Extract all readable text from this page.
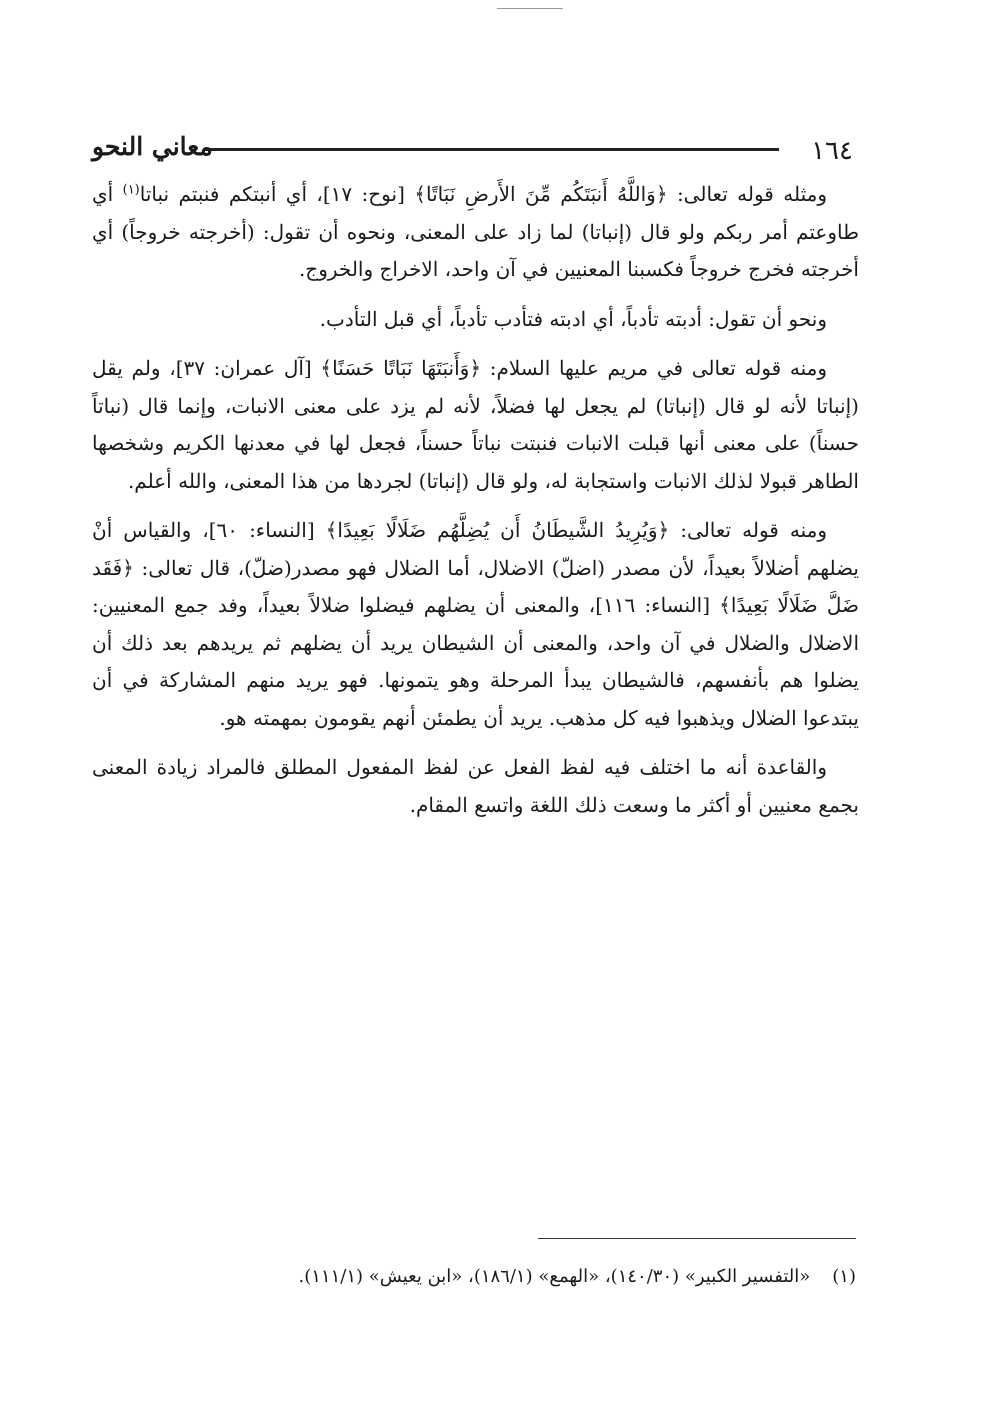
١٦٤
معاني النحو

ومثله قوله تعالى: ﴿وَاللَّهُ أَنبَتَكُم مِّنَ الأَرضِ نَبَاتًا﴾ [نوح: ١٧]، أي أنبتكم فنبتم نباتا$^{(١)}$ أي طاوعتم أمر ربكم ولو قال (إنباتا) لما زاد على المعنى، ونحوه أن تقول: (أخرجته خروجاً) أي أخرجته فخرج خروجاً فكسبنا المعنيين في آن واحد، الاخراج والخروج.

ونحو أن تقول: أدبته تأدباً، أي ادبته فتأدب تأدباً، أي قبل التأدب.

ومنه قوله تعالى في مريم عليها السلام: ﴿وَأَنبَتَهَا نَبَاتًا حَسَنًا﴾ [آل عمران: ٣٧]، ولم يقل (إنباتا لأنه لو قال (إنباتا) لم يجعل لها فضلاً، لأنه لم يزد على معنى الانبات، وإنما قال (نباتاً حسناً) على معنى أنها قبلت الانبات فنبتت نباتاً حسناً، فجعل لها في معدنها الكريم وشخصها الطاهر قبولا لذلك الانبات واستجابة له، ولو قال (إنباتا) لجردها من هذا المعنى، والله أعلم.

ومنه قوله تعالى: ﴿وَيُرِيدُ الشَّيطَانُ أَن يُضِلَّهُم ضَلَالًا بَعِيدًا﴾ [النساء: ٦٠]، والقياس أنْ يضلهم أضلالاً بعيداً، لأن مصدر (اضلّ) الاضلال، أما الضلال فهو مصدر(ضلّ)، قال تعالى: ﴿فَقَد ضَلَّ ضَلَالًا بَعِيدًا﴾ [النساء: ١١٦]، والمعنى أن يضلهم فيضلوا ضلالاً بعيداً، وفد جمع المعنيين: الاضلال والضلال في آن واحد، والمعنى أن الشيطان يريد أن يضلهم ثم يريدهم بعد ذلك أن يضلوا هم بأنفسهم، فالشيطان يبدأ المرحلة وهو يتمونها. فهو يريد منهم المشاركة في أن يبتدعوا الضلال ويذهبوا فيه كل مذهب. يريد أن يطمئن أنهم يقومون بمهمته هو.

والقاعدة أنه ما اختلف فيه لفظ الفعل عن لفظ المفعول المطلق فالمراد زيادة المعنى بجمع معنيين أو أكثر ما وسعت ذلك اللغة واتسع المقام.

(١)«التفسير الكبير» (١٤٠/٣٠)، «الهمع» (١٨٦/١)، «ابن يعيش» (١١١/١).
